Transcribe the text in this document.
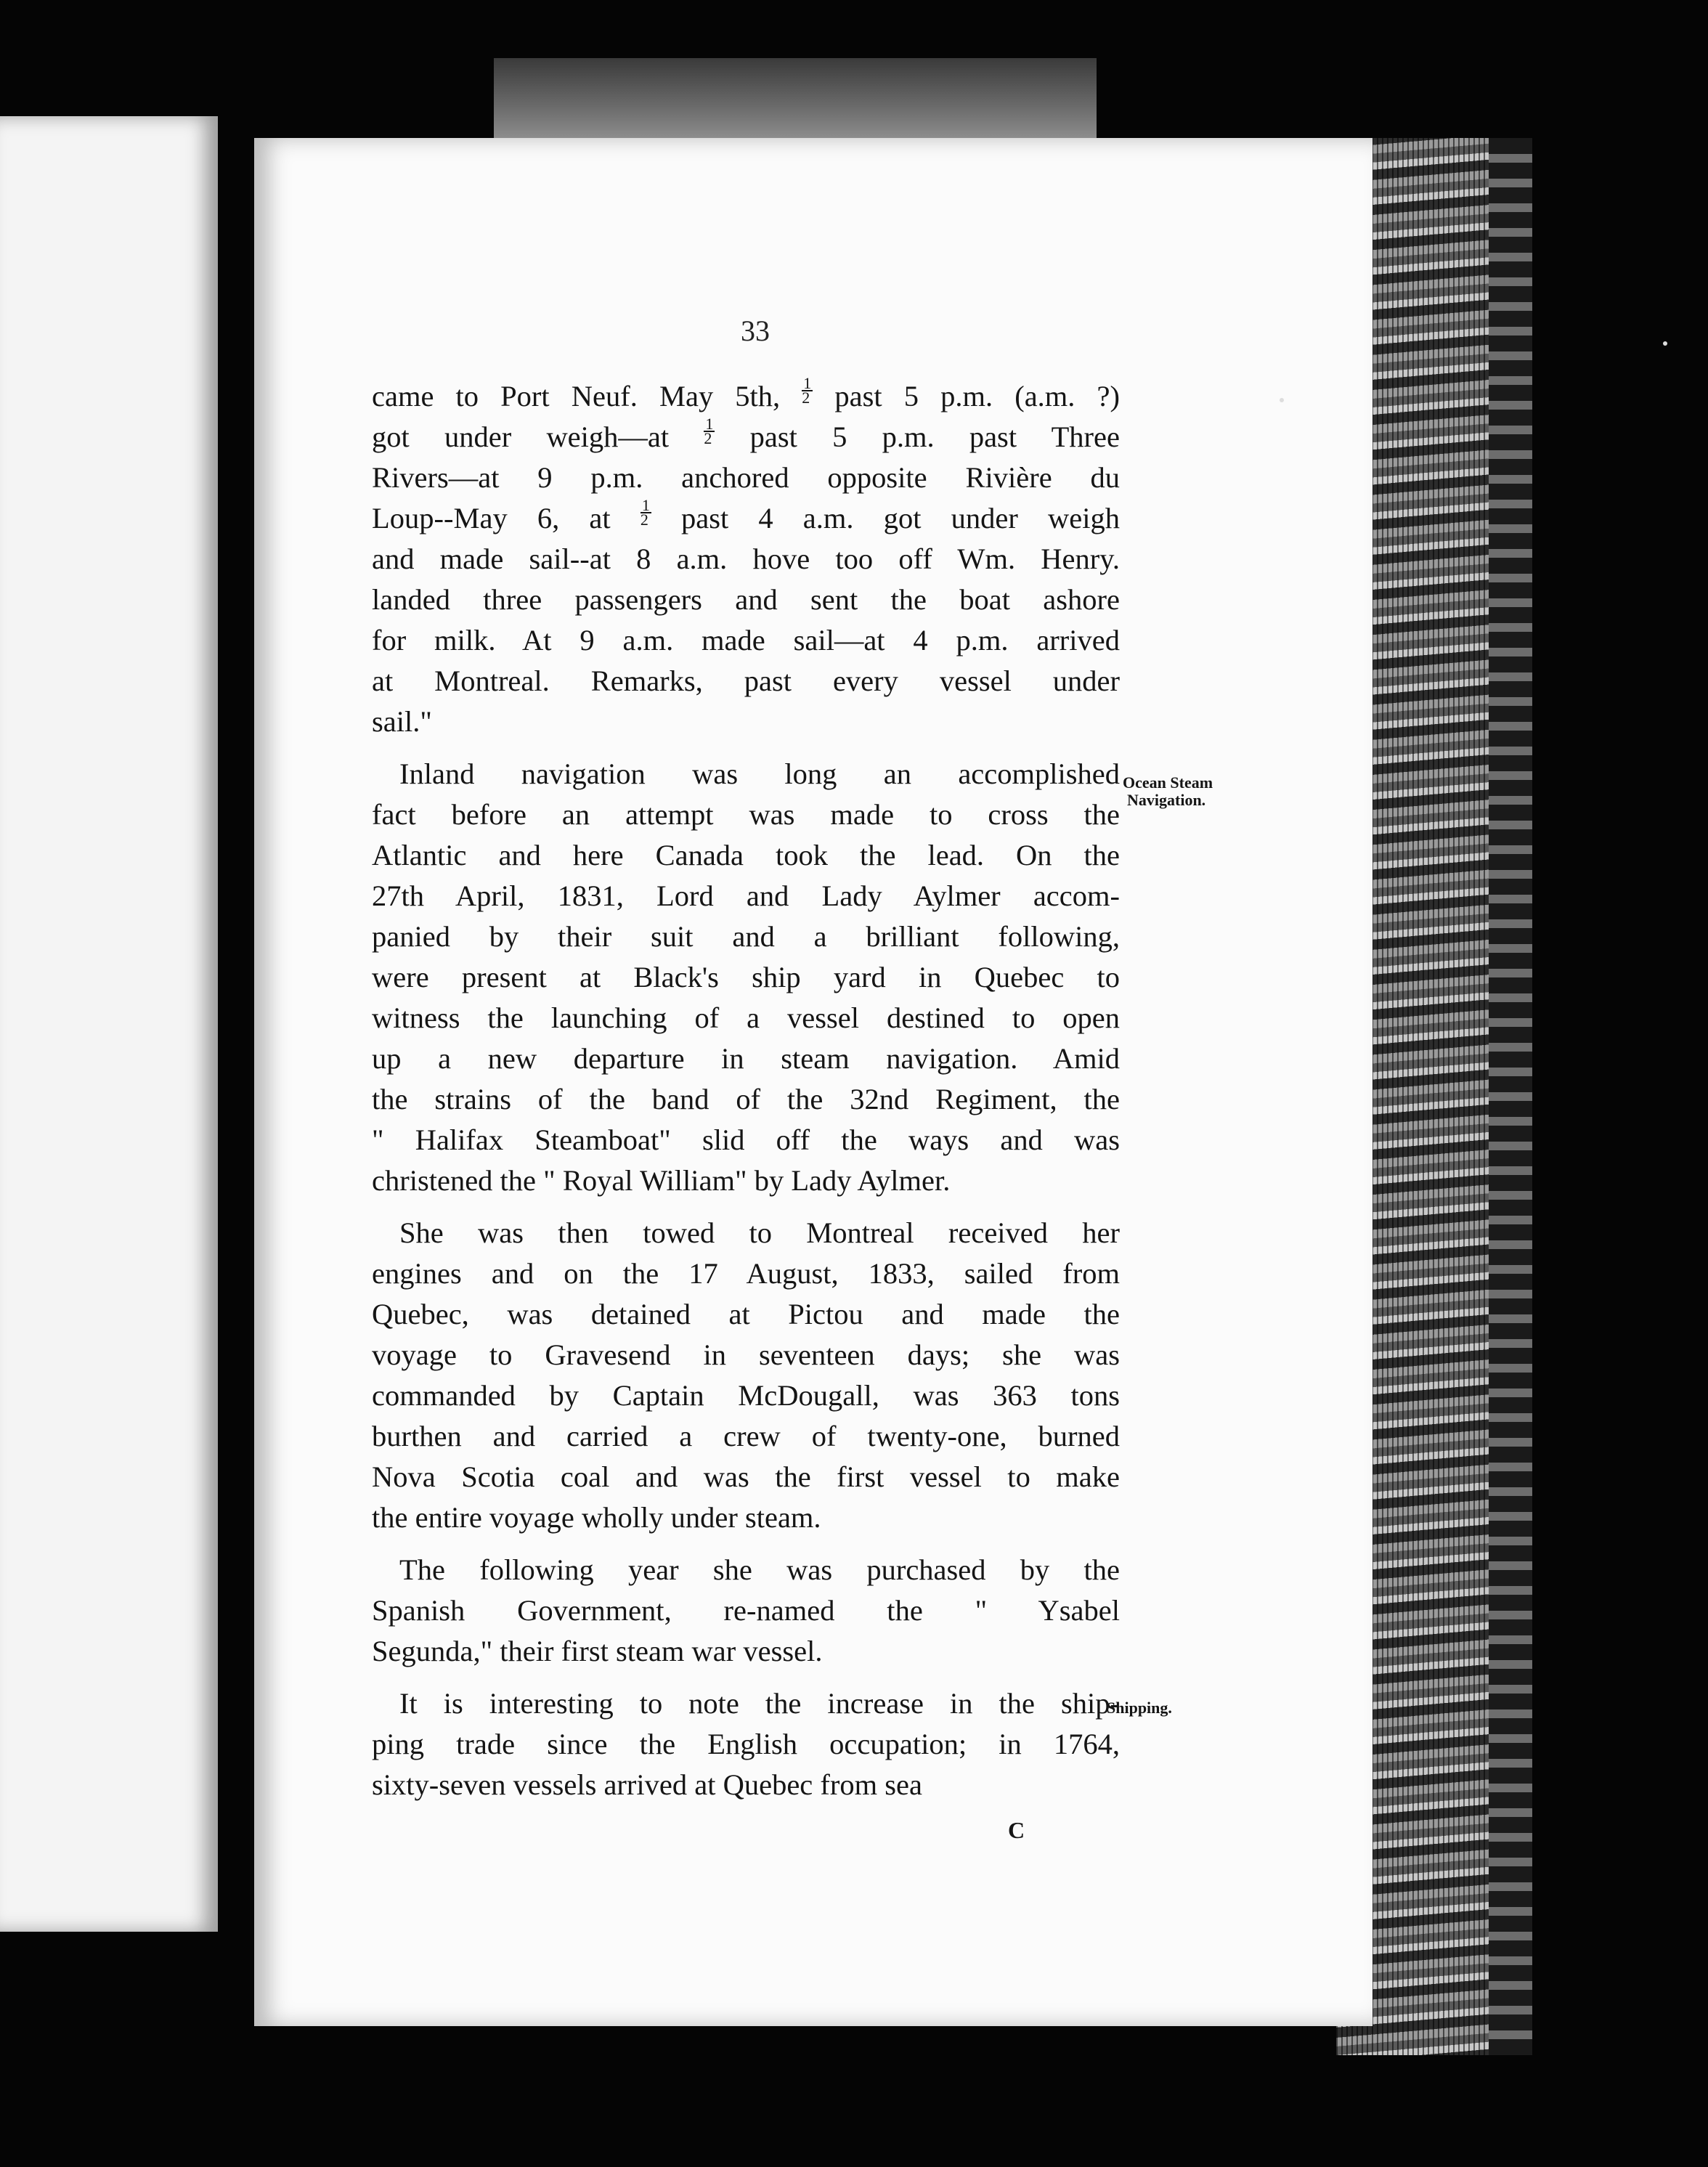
33
came to Port Neuf. May 5th, $\frac{1}{2}$ past 5 p.m. (a.m. ?)
got under weigh—at $\frac{1}{2}$ past 5 p.m. past Three
Rivers—at 9 p.m. anchored opposite Rivière du
Loup--May 6, at $\frac{1}{2}$ past 4 a.m. got under weigh
and made sail--at 8 a.m. hove too off Wm. Henry.
landed three passengers and sent the boat ashore
for milk. At 9 a.m. made sail—at 4 p.m. arrived
at Montreal. Remarks, past every vessel under
sail."
Inland navigation was long an accomplished
fact before an attempt was made to cross the
Atlantic and here Canada took the lead. On the
27th April, 1831, Lord and Lady Aylmer accom-
panied by their suit and a brilliant following,
were present at Black's ship yard in Quebec to
witness the launching of a vessel destined to open
up a new departure in steam navigation. Amid
the strains of the band of the 32nd Regiment, the
" Halifax Steamboat" slid off the ways and was
christened the " Royal William" by Lady Aylmer.
She was then towed to Montreal received her
engines and on the 17 August, 1833, sailed from
Quebec, was detained at Pictou and made the
voyage to Gravesend in seventeen days; she was
commanded by Captain McDougall, was 363 tons
burthen and carried a crew of twenty-one, burned
Nova Scotia coal and was the first vessel to make
the entire voyage wholly under steam.
The following year she was purchased by the
Spanish Government, re-named the " Ysabel
Segunda," their first steam war vessel.
It is interesting to note the increase in the ship-
ping trade since the English occupation; in 1764,
sixty-seven vessels arrived at Quebec from sea
Ocean Steam
Navigation.
Shipping.
C
